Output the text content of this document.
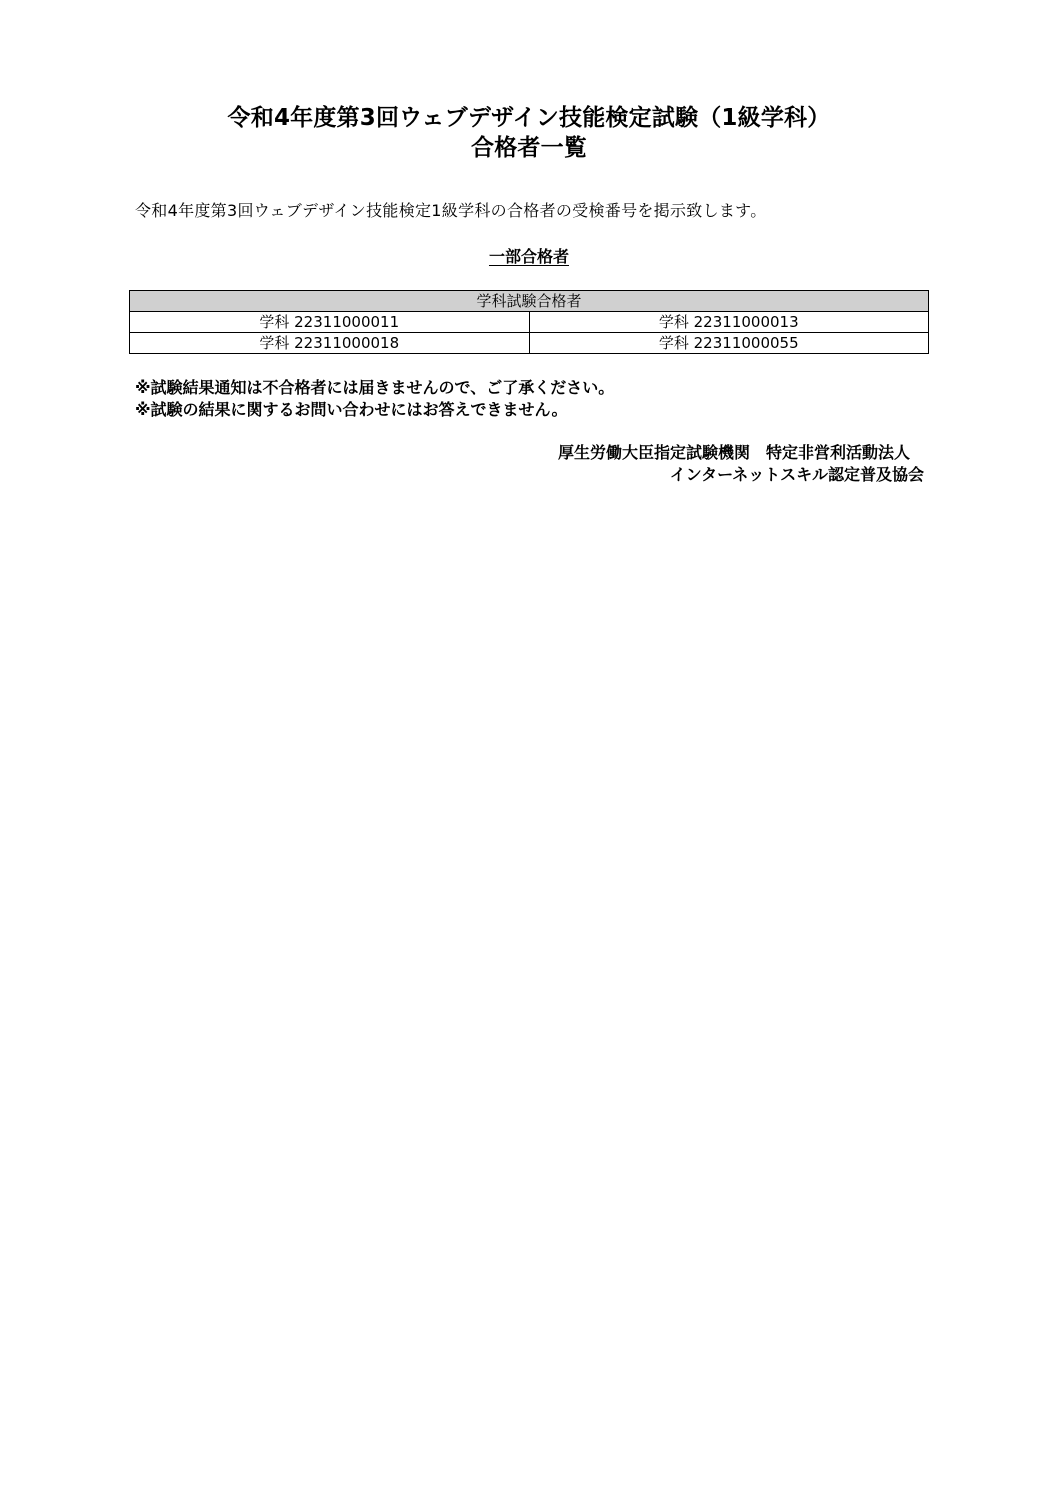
令和4年度第3回ウェブデザイン技能検定試験（1級学科）
合格者一覧
令和4年度第3回ウェブデザイン技能検定1級学科の合格者の受検番号を掲示致します。
一部合格者
学科試験合格者	
学科 22311000011	学科 22311000013
学科 22311000018	学科 22311000055
※試験結果通知は不合格者には届きませんので、ご了承ください。
※試験の結果に関するお問い合わせにはお答えできません。
厚生労働大臣指定試験機関　特定非営利活動法人
インターネットスキル認定普及協会
